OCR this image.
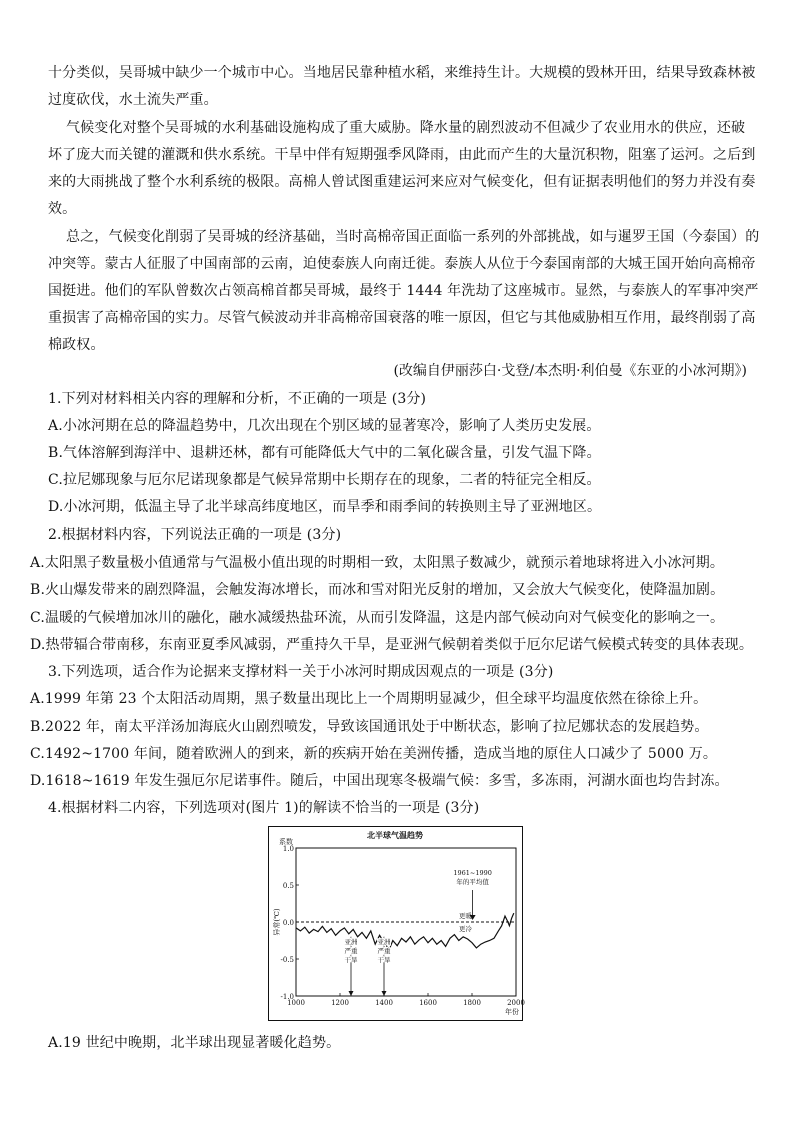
十分类似，吴哥城中缺少一个城市中心。当地居民靠种植水稻，来维持生计。大规模的毁林开田，结果导致森林被
过度砍伐，水土流失严重。
气候变化对整个吴哥城的水利基础设施构成了重大威胁。降水量的剧烈波动不但减少了农业用水的供应，还破
坏了庞大而关键的灌溉和供水系统。干旱中伴有短期强季风降雨，由此而产生的大量沉积物，阻塞了运河。之后到
来的大雨挑战了整个水利系统的极限。高棉人曾试图重建运河来应对气候变化，但有证据表明他们的努力并没有奏
效。
总之，气候变化削弱了吴哥城的经济基础，当时高棉帝国正面临一系列的外部挑战，如与暹罗王国（今泰国）的
冲突等。蒙古人征服了中国南部的云南，迫使泰族人向南迁徙。泰族人从位于今泰国南部的大城王国开始向高棉帝
国挺进。他们的军队曾数次占领高棉首都吴哥城，最终于 1444 年洗劫了这座城市。显然，与泰族人的军事冲突严
重损害了高棉帝国的实力。尽管气候波动并非高棉帝国衰落的唯一原因，但它与其他威胁相互作用，最终削弱了高
棉政权。
(改编自伊丽莎白·戈登/本杰明·利伯曼《东亚的小冰河期》)
1.下列对材料相关内容的理解和分析，不正确的一项是 (3分)
A.小冰河期在总的降温趋势中，几次出现在个别区域的显著寒冷，影响了人类历史发展。
B.气体溶解到海洋中、退耕还林，都有可能降低大气中的二氧化碳含量，引发气温下降。
C.拉尼娜现象与厄尔尼诺现象都是气候异常期中长期存在的现象，二者的特征完全相反。
D.小冰河期，低温主导了北半球高纬度地区，而旱季和雨季间的转换则主导了亚洲地区。
2.根据材料内容，下列说法正确的一项是 (3分)
A.太阳黑子数量极小值通常与气温极小值出现的时期相一致，太阳黑子数减少，就预示着地球将进入小冰河期。
B.火山爆发带来的剧烈降温，会触发海冰增长，而冰和雪对阳光反射的增加，又会放大气候变化，使降温加剧。
C.温暖的气候增加冰川的融化，融水减缓热盐环流，从而引发降温，这是内部气候动向对气候变化的影响之一。
D.热带辐合带南移，东南亚夏季风减弱，严重持久干旱，是亚洲气候朝着类似于厄尔尼诺气候模式转变的具体表现。
3.下列选项，适合作为论据来支撑材料一关于小冰河时期成因观点的一项是 (3分)
A.1999 年第 23 个太阳活动周期，黑子数量出现比上一个周期明显减少，但全球平均温度依然在徐徐上升。
B.2022 年，南太平洋汤加海底火山剧烈喷发，导致该国通讯处于中断状态，影响了拉尼娜状态的发展趋势。
C.1492~1700 年间，随着欧洲人的到来，新的疾病开始在美洲传播，造成当地的原住人口减少了 5000 万。
D.1618~1619 年发生强厄尔尼诺事件。随后，中国出现寒冬极端气候：多雪，多冻雨，河湖水面也均告封冻。
4.根据材料二内容，下列选项对(图片 1)的解读不恰当的一项是 (3分)
北半球气温趋势
系数
1.0
0.5
0.0
-0.5
-1.0
1000	1200	1400	1600	1800	2000
年份
异常(℃)
1961~1990
年的平均值
更暖
更冷
亚洲
严重
干旱
亚洲
严重
干旱
A.19 世纪中晚期，北半球出现显著暖化趋势。
